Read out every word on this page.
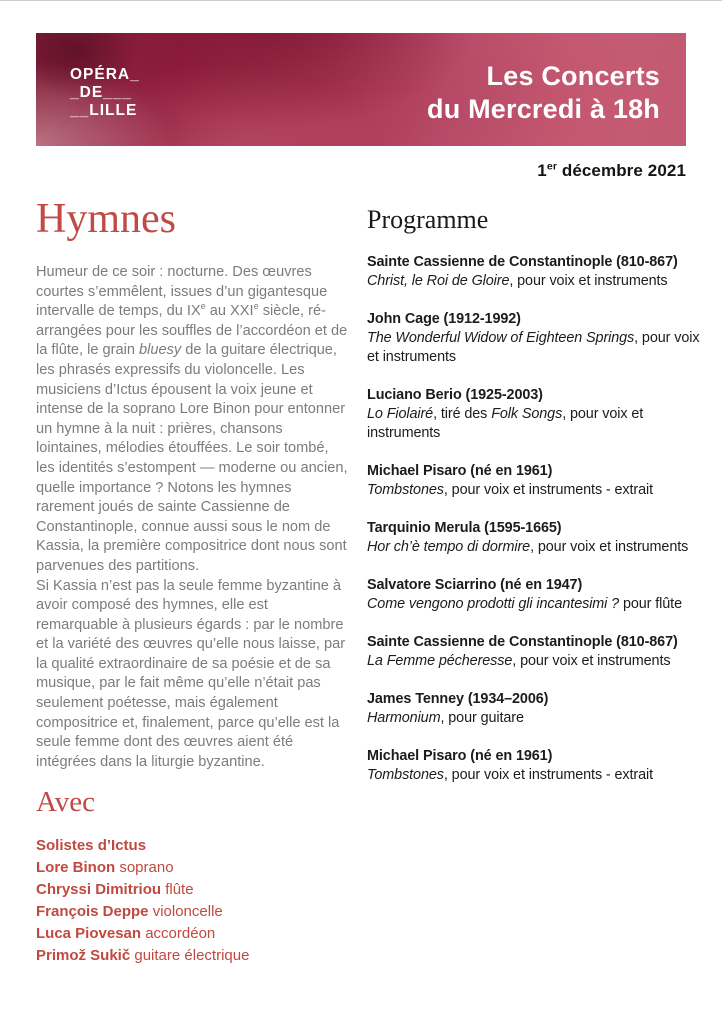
OPÉRA_
_DE___
__LILLE
Les Concerts
du Mercredi à 18h
1er décembre 2021
Hymnes
Humeur de ce soir : nocturne. Des œuvres courtes s’emmêlent, issues d’un gigantesque intervalle de temps, du IXe au XXIe siècle, ré-arrangées pour les souffles de l’accordéon et de la flûte, le grain bluesy de la guitare électrique, les phrasés expressifs du violoncelle. Les musiciens d’Ictus épousent la voix jeune et intense de la soprano Lore Binon pour entonner un hymne à la nuit : prières, chansons lointaines, mélodies étouffées. Le soir tombé, les identités s’estompent — moderne ou ancien, quelle importance ? Notons les hymnes rarement joués de sainte Cassienne de Constantinople, connue aussi sous le nom de Kassia, la première compositrice dont nous sont parvenues des partitions.
Si Kassia n’est pas la seule femme byzantine à avoir composé des hymnes, elle est remarquable à plusieurs égards : par le nombre et la variété des œuvres qu’elle nous laisse, par la qualité extraordinaire de sa poésie et de sa musique, par le fait même qu’elle n’était pas seulement poétesse, mais également compositrice et, finalement, parce qu’elle est la seule femme dont des œuvres aient été intégrées dans la liturgie byzantine.
Avec
Solistes d’Ictus
Lore Binon soprano
Chryssi Dimitriou flûte
François Deppe violoncelle
Luca Piovesan accordéon
Primož Sukič guitare électrique
Programme
Sainte Cassienne de Constantinople (810-867)
Christ, le Roi de Gloire, pour voix et instruments
John Cage (1912-1992)
The Wonderful Widow of Eighteen Springs, pour voix et instruments
Luciano Berio (1925-2003)
Lo Fiolairé, tiré des Folk Songs, pour voix et instruments
Michael Pisaro (né en 1961)
Tombstones, pour voix et instruments - extrait
Tarquinio Merula (1595-1665)
Hor ch’è tempo di dormire, pour voix et instruments
Salvatore Sciarrino (né en 1947)
Come vengono prodotti gli incantesimi ? pour flûte
Sainte Cassienne de Constantinople (810-867)
La Femme pécheresse, pour voix et instruments
James Tenney (1934–2006)
Harmonium, pour guitare
Michael Pisaro (né en 1961)
Tombstones, pour voix et instruments - extrait
